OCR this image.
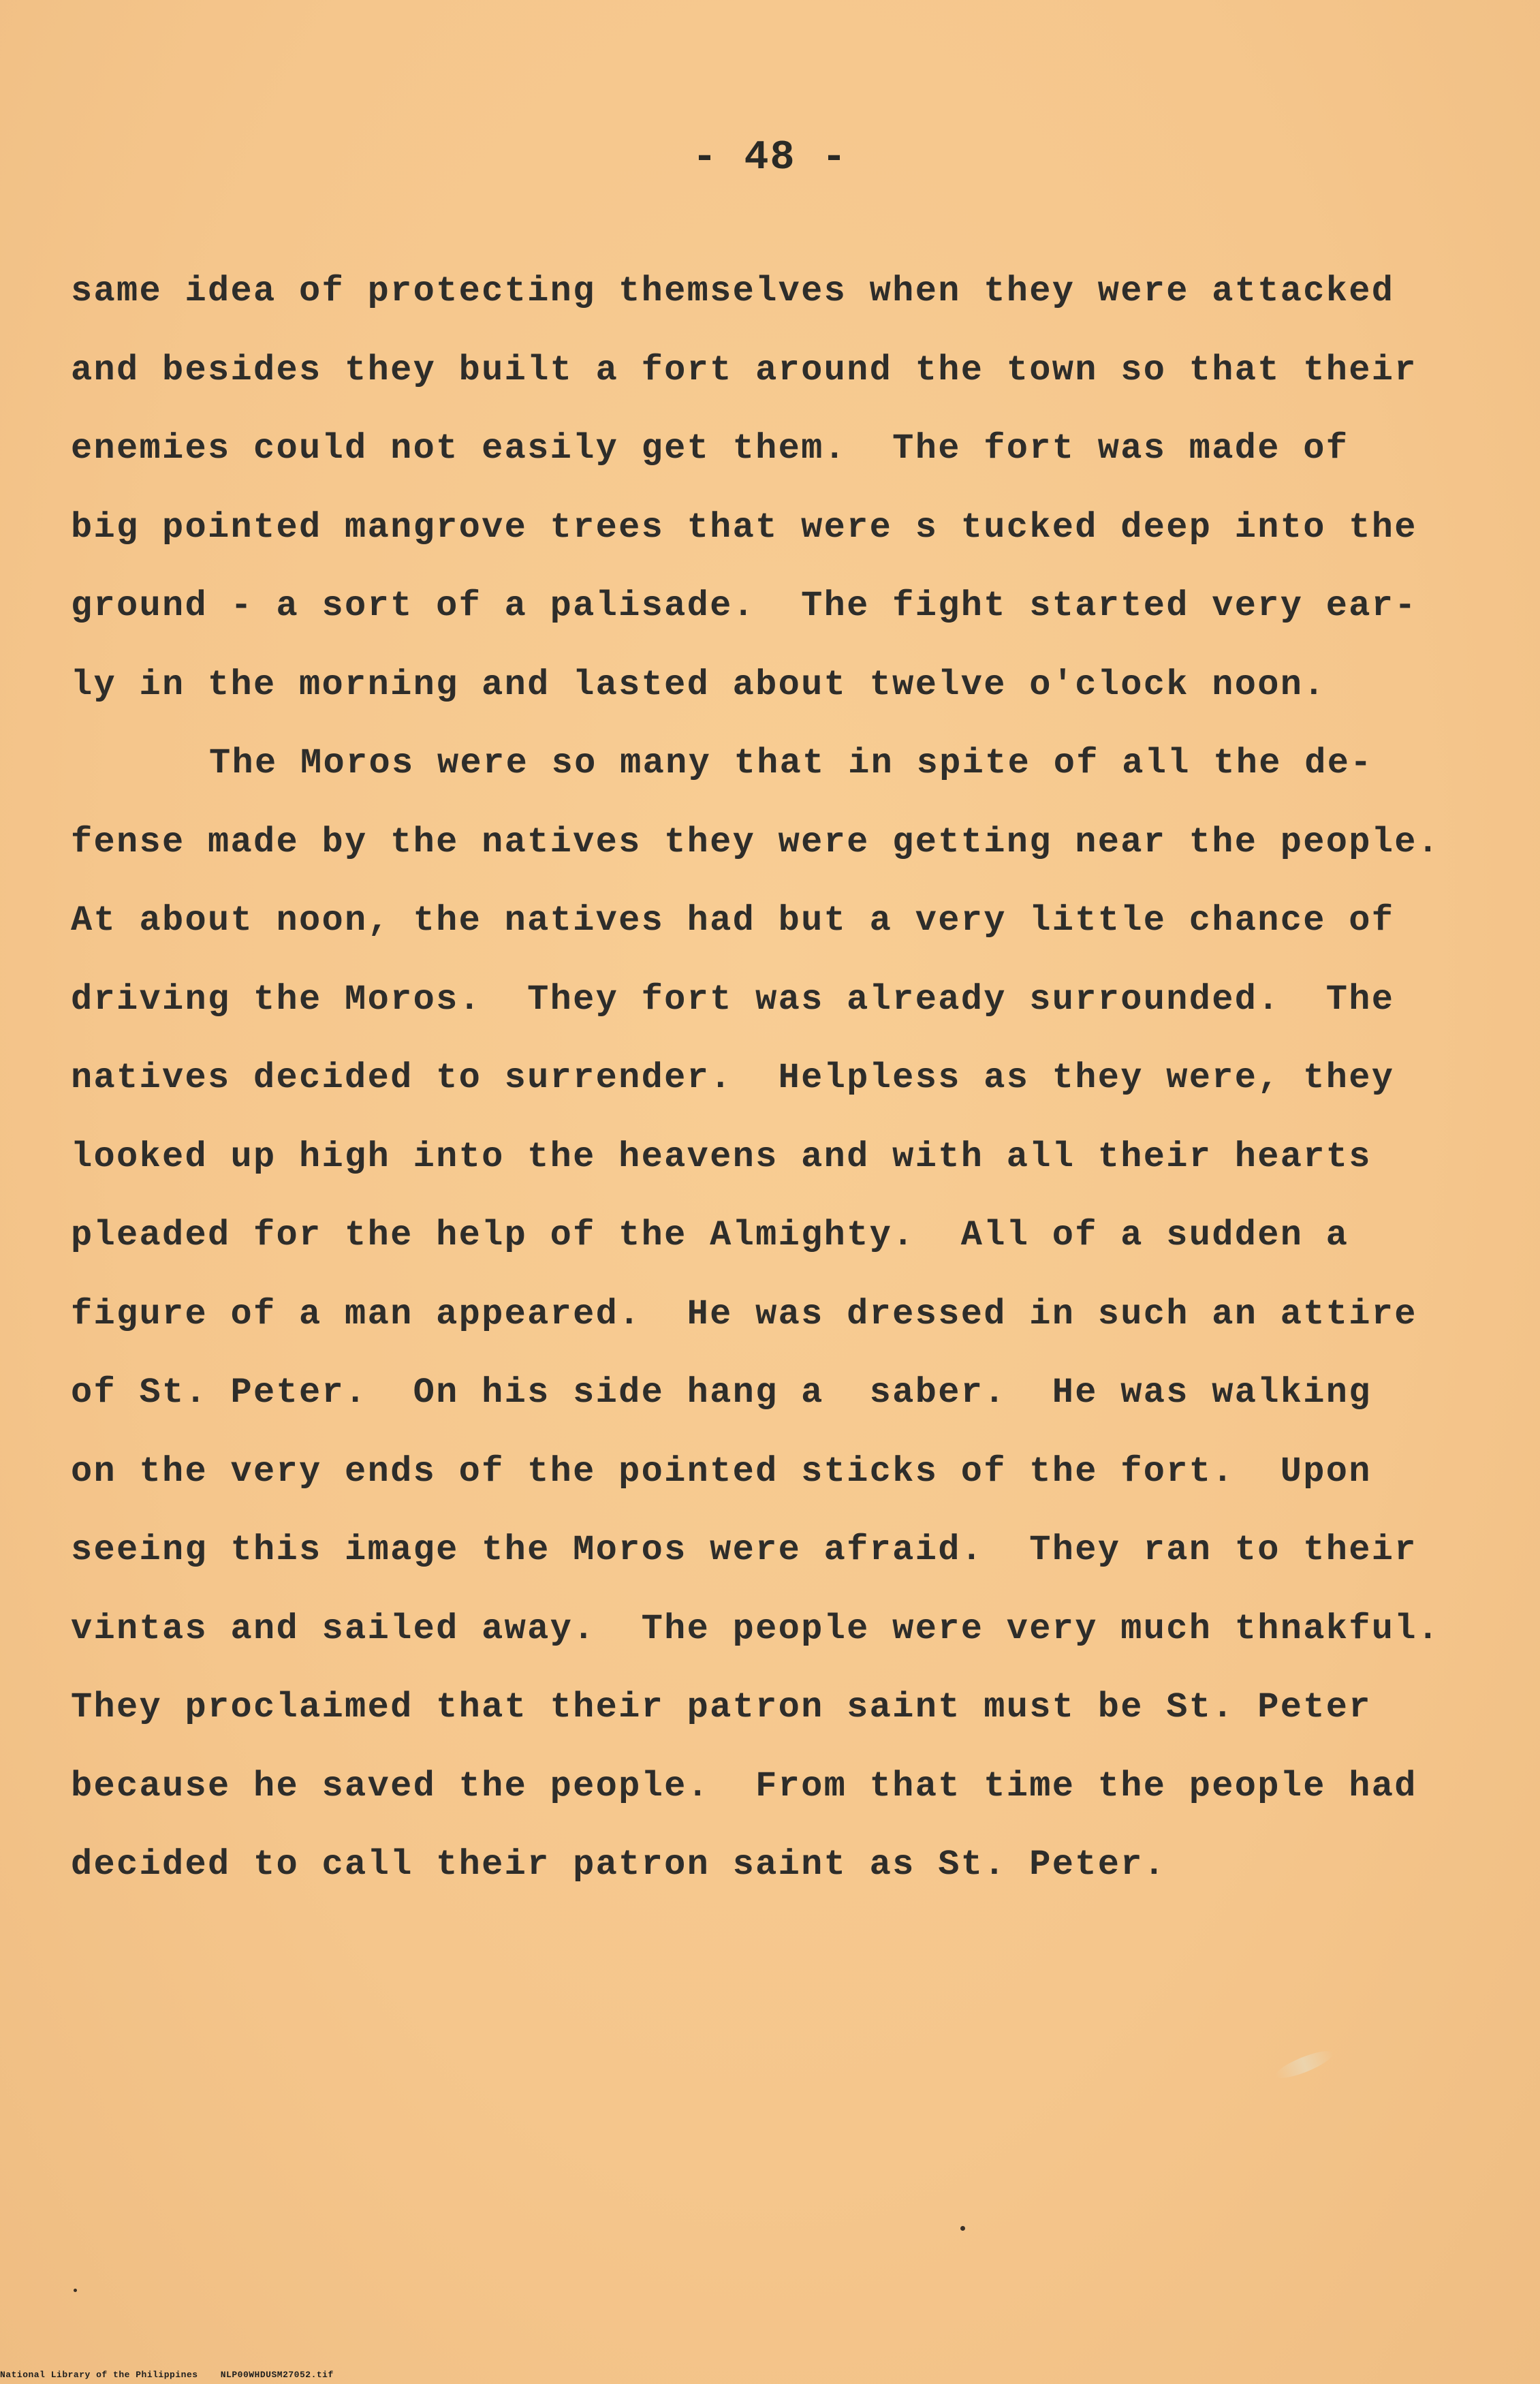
- 48 -
same idea of protecting themselves when they were attacked
and besides they built a fort around the town so that their
enemies could not easily get them.  The fort was made of
big pointed mangrove trees that were s tucked deep into the
ground - a sort of a palisade.  The fight started very ear-
ly in the morning and lasted about twelve o'clock noon.
The Moros were so many that in spite of all the de-
fense made by the natives they were getting near the people.
At about noon, the natives had but a very little chance of
driving the Moros.  They fort was already surrounded.  The
natives decided to surrender.  Helpless as they were, they
looked up high into the heavens and with all their hearts
pleaded for the help of the Almighty.  All of a sudden a
figure of a man appeared.  He was dressed in such an attire
of St. Peter.  On his side hang a  saber.  He was walking
on the very ends of the pointed sticks of the fort.  Upon
seeing this image the Moros were afraid.  They ran to their
vintas and sailed away.  The people were very much thnakful.
They proclaimed that their patron saint must be St. Peter
because he saved the people.  From that time the people had
decided to call their patron saint as St. Peter.
National Library of the Philippines    NLP00WHDUSM27052.tif
